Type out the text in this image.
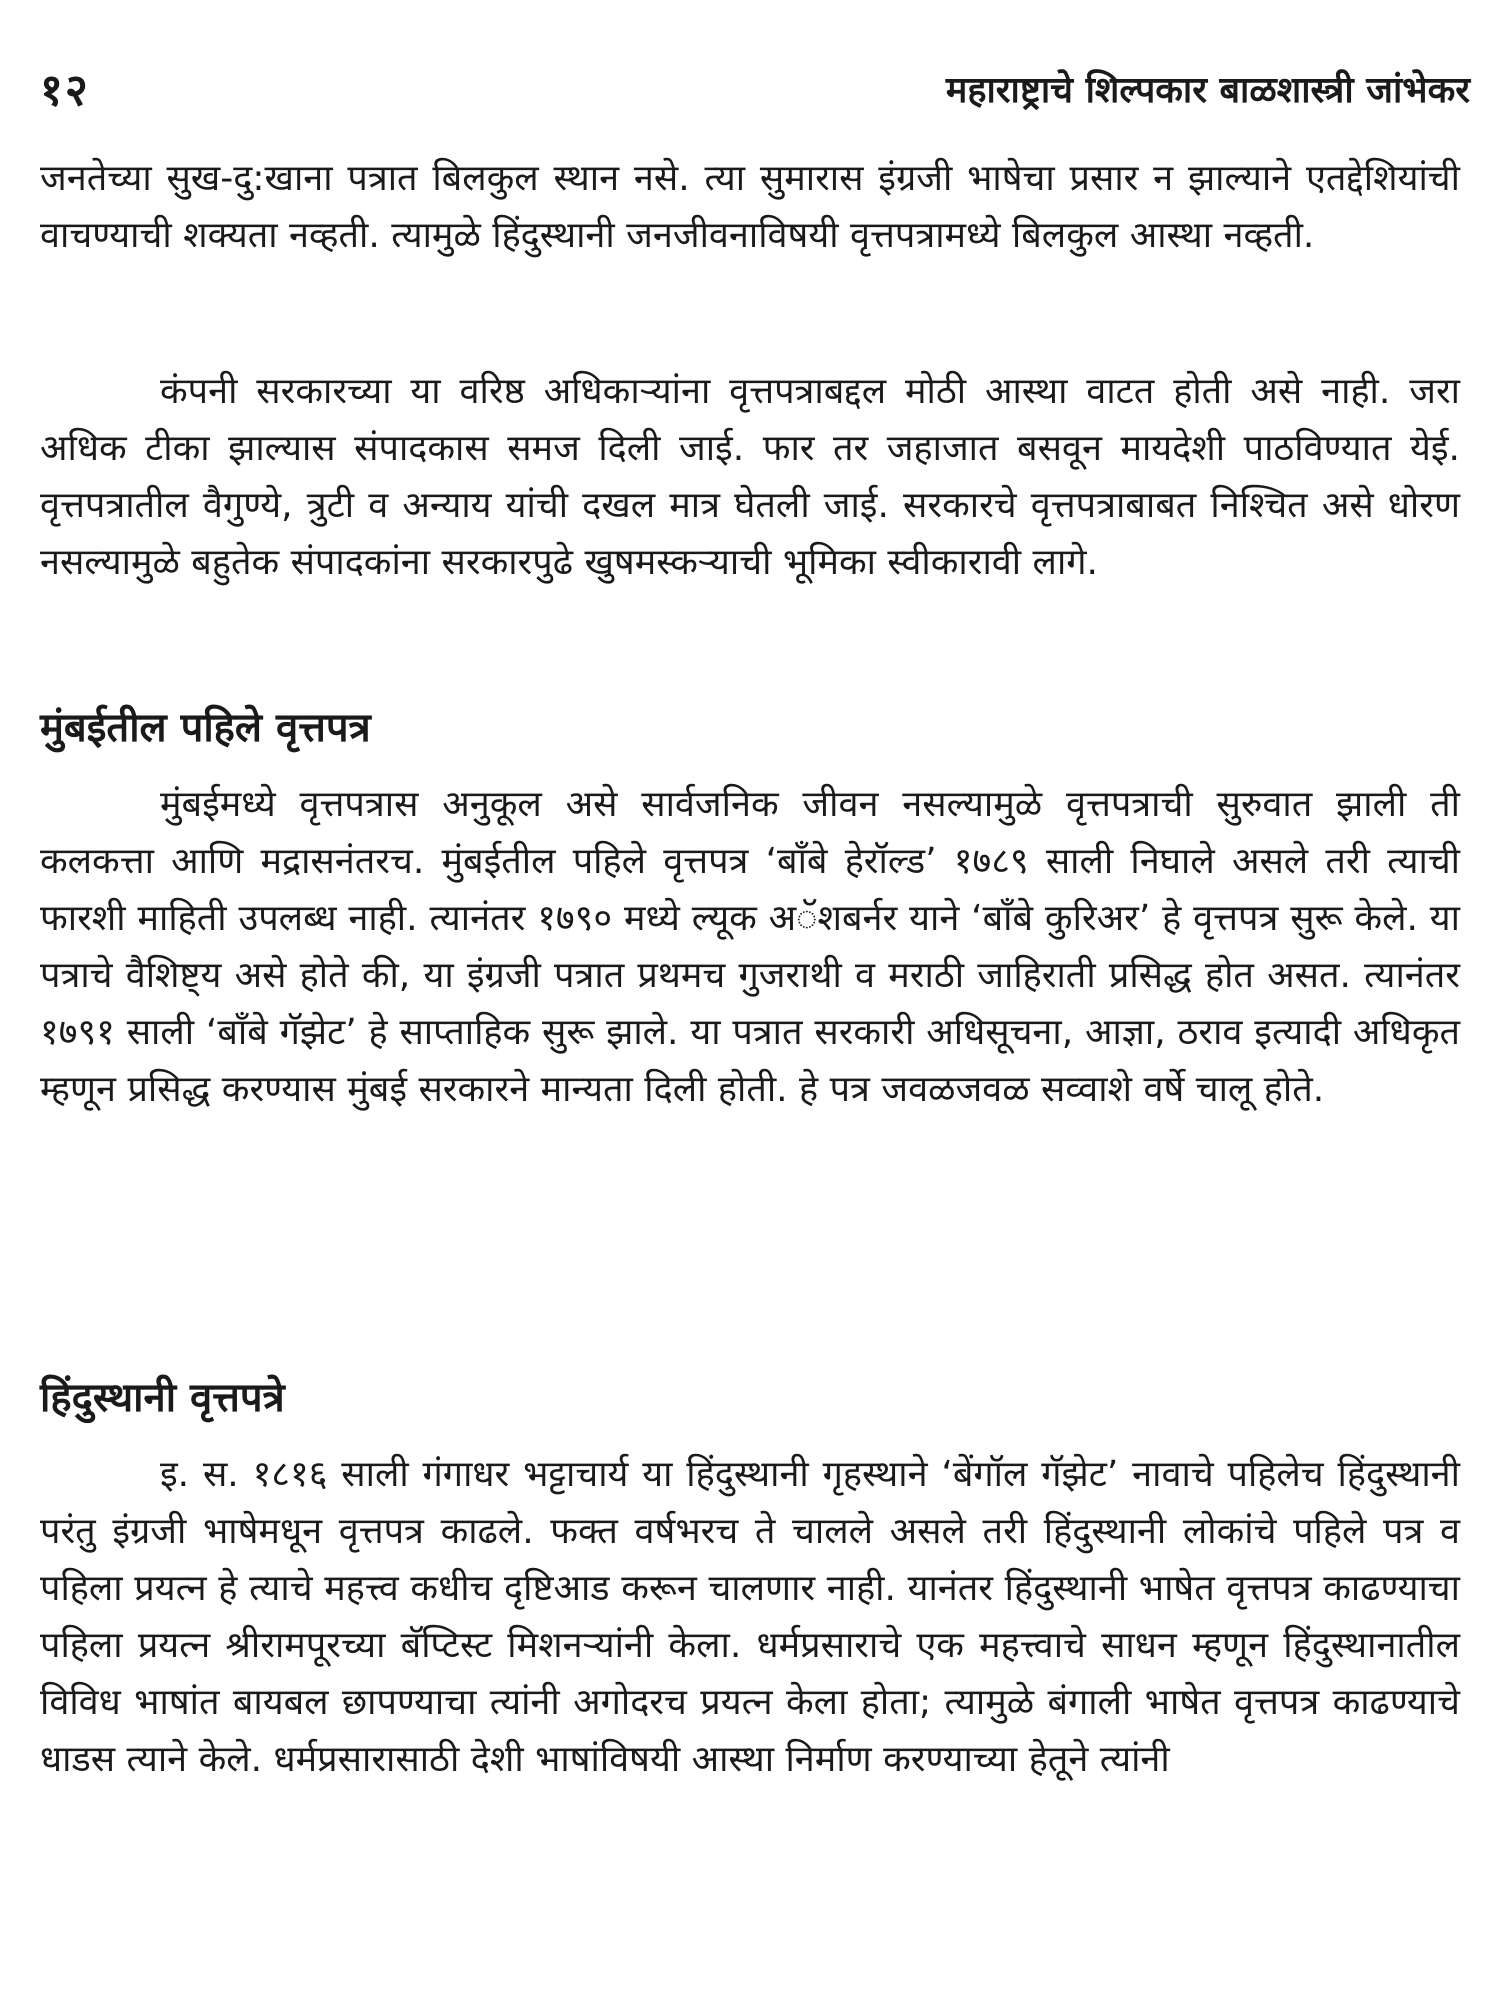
१२	महाराष्ट्राचे शिल्पकार बाळशास्त्री जांभेकर

जनतेच्या सुख-दु:खाना पत्रात बिलकुल स्थान नसे. त्या सुमारास इंग्रजी भाषेचा प्रसार न झाल्याने एतद्देशियांची वाचण्याची शक्यता नव्हती. त्यामुळे हिंदुस्थानी जनजीवनाविषयी वृत्तपत्रामध्ये बिलकुल आस्था नव्हती.

कंपनी सरकारच्या या वरिष्ठ अधिकाऱ्यांना वृत्तपत्राबद्दल मोठी आस्था वाटत होती असे नाही. जरा अधिक टीका झाल्यास संपादकास समज दिली जाई. फार तर जहाजात बसवून मायदेशी पाठविण्यात येई. वृत्तपत्रातील वैगुण्ये, त्रुटी व अन्याय यांची दखल मात्र घेतली जाई. सरकारचे वृत्तपत्राबाबत निश्चित असे धोरण नसल्यामुळे बहुतेक संपादकांना सरकारपुढे खुषमस्कऱ्याची भूमिका स्वीकारावी लागे.

मुंबईतील पहिले वृत्तपत्र

मुंबईमध्ये वृत्तपत्रास अनुकूल असे सार्वजनिक जीवन नसल्यामुळे वृत्तपत्राची सुरुवात झाली ती कलकत्ता आणि मद्रासनंतरच. मुंबईतील पहिले वृत्तपत्र ‘बॉंबे हेरॉल्ड’ १७८९ साली निघाले असले तरी त्याची फारशी माहिती उपलब्ध नाही. त्यानंतर १७९० मध्ये ल्यूक अॅशबर्नर याने ‘बॉंबे कुरिअर’ हे वृत्तपत्र सुरू केले. या पत्राचे वैशिष्ट्य असे होते की, या इंग्रजी पत्रात प्रथमच गुजराथी व मराठी जाहिराती प्रसिद्ध होत असत. त्यानंतर १७९१ साली ‘बॉंबे गॅझेट’ हे साप्ताहिक सुरू झाले. या पत्रात सरकारी अधिसूचना, आज्ञा, ठराव इत्यादी अधिकृत म्हणून प्रसिद्ध करण्यास मुंबई सरकारने मान्यता दिली होती. हे पत्र जवळजवळ सव्वाशे वर्षे चालू होते.

हिंदुस्थानी वृत्तपत्रे

इ. स. १८१६ साली गंगाधर भट्टाचार्य या हिंदुस्थानी गृहस्थाने ‘बेंगॉल गॅझेट’ नावाचे पहिलेच हिंदुस्थानी परंतु इंग्रजी भाषेमधून वृत्तपत्र काढले. फक्त वर्षभरच ते चालले असले तरी हिंदुस्थानी लोकांचे पहिले पत्र व पहिला प्रयत्न हे त्याचे महत्त्व कधीच दृष्टिआड करून चालणार नाही. यानंतर हिंदुस्थानी भाषेत वृत्तपत्र काढण्याचा पहिला प्रयत्न श्रीरामपूरच्या बॅप्टिस्ट मिशनऱ्यांनी केला. धर्मप्रसाराचे एक महत्त्वाचे साधन म्हणून हिंदुस्थानातील विविध भाषांत बायबल छापण्याचा त्यांनी अगोदरच प्रयत्न केला होता; त्यामुळे बंगाली भाषेत वृत्तपत्र काढण्याचे धाडस त्याने केले. धर्मप्रसारासाठी देशी भाषांविषयी आस्था निर्माण करण्याच्या हेतूने त्यांनी
